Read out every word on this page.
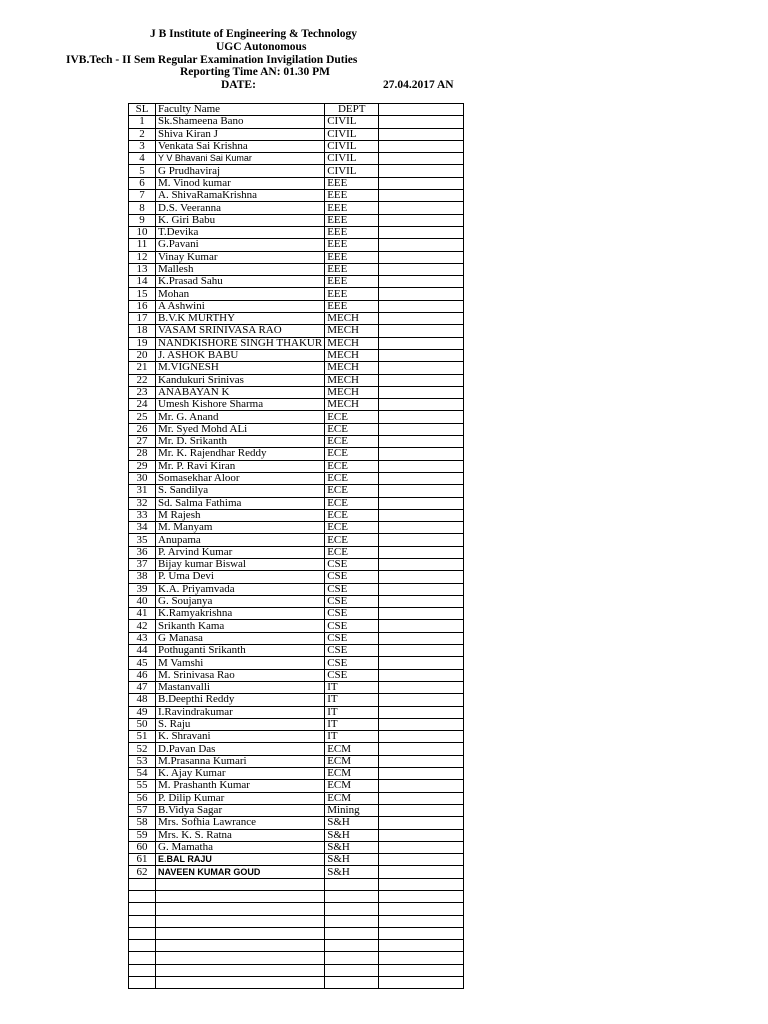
J B Institute of Engineering & Technology
UGC Autonomous
IVB.Tech - II Sem Regular Examination Invigilation Duties
Reporting Time AN: 01.30 PM
DATE:	27.04.2017 AN
SL	Faculty Name	DEPT	
1	Sk.Shameena Bano	CIVIL	
2	Shiva Kiran J	CIVIL	
3	Venkata Sai Krishna	CIVIL	
4	Y V Bhavani Sai Kumar	CIVIL	
5	G Prudhaviraj	CIVIL	
6	M. Vinod kumar	EEE	
7	A. ShivaRamaKrishna	EEE	
8	D.S. Veeranna	EEE	
9	K. Giri Babu	EEE	
10	T.Devika	EEE	
11	G.Pavani	EEE	
12	Vinay Kumar	EEE	
13	Mallesh	EEE	
14	K.Prasad Sahu	EEE	
15	Mohan	EEE	
16	A Ashwini	EEE	
17	B.V.K MURTHY	MECH	
18	VASAM SRINIVASA RAO	MECH	
19	NANDKISHORE SINGH THAKUR	MECH	
20	J. ASHOK BABU	MECH	
21	M.VIGNESH	MECH	
22	Kandukuri Srinivas	MECH	
23	ANABAYAN K	MECH	
24	Umesh Kishore Sharma	MECH	
25	Mr. G. Anand	ECE	
26	Mr. Syed Mohd ALi	ECE	
27	Mr. D. Srikanth	ECE	
28	Mr. K. Rajendhar Reddy	ECE	
29	Mr. P. Ravi Kiran	ECE	
30	Somasekhar Aloor	ECE	
31	S. Sandilya	ECE	
32	Sd. Salma Fathima	ECE	
33	M Rajesh	ECE	
34	M. Manyam	ECE	
35	Anupama	ECE	
36	P. Arvind Kumar	ECE	
37	Bijay kumar Biswal	CSE	
38	P. Uma Devi	CSE	
39	K.A. Priyamvada	CSE	
40	G. Soujanya	CSE	
41	K.Ramyakrishna	CSE	
42	Srikanth Kama	CSE	
43	G Manasa	CSE	
44	Pothuganti Srikanth	CSE	
45	M Vamshi	CSE	
46	M. Srinivasa Rao	CSE	
47	Mastanvalli	IT	
48	B.Deepthi Reddy	IT	
49	I.Ravindrakumar	IT	
50	S. Raju	IT	
51	K. Shravani	IT	
52	D.Pavan Das	ECM	
53	M.Prasanna Kumari	ECM	
54	K. Ajay Kumar	ECM	
55	M. Prashanth Kumar	ECM	
56	P. Dilip Kumar	ECM	
57	B.Vidya Sagar	Mining	
58	Mrs. Sofhia Lawrance	S&H	
59	Mrs. K. S. Ratna	S&H	
60	G. Mamatha	S&H	
61	E.BAL RAJU	S&H	
62	NAVEEN KUMAR GOUD	S&H	
